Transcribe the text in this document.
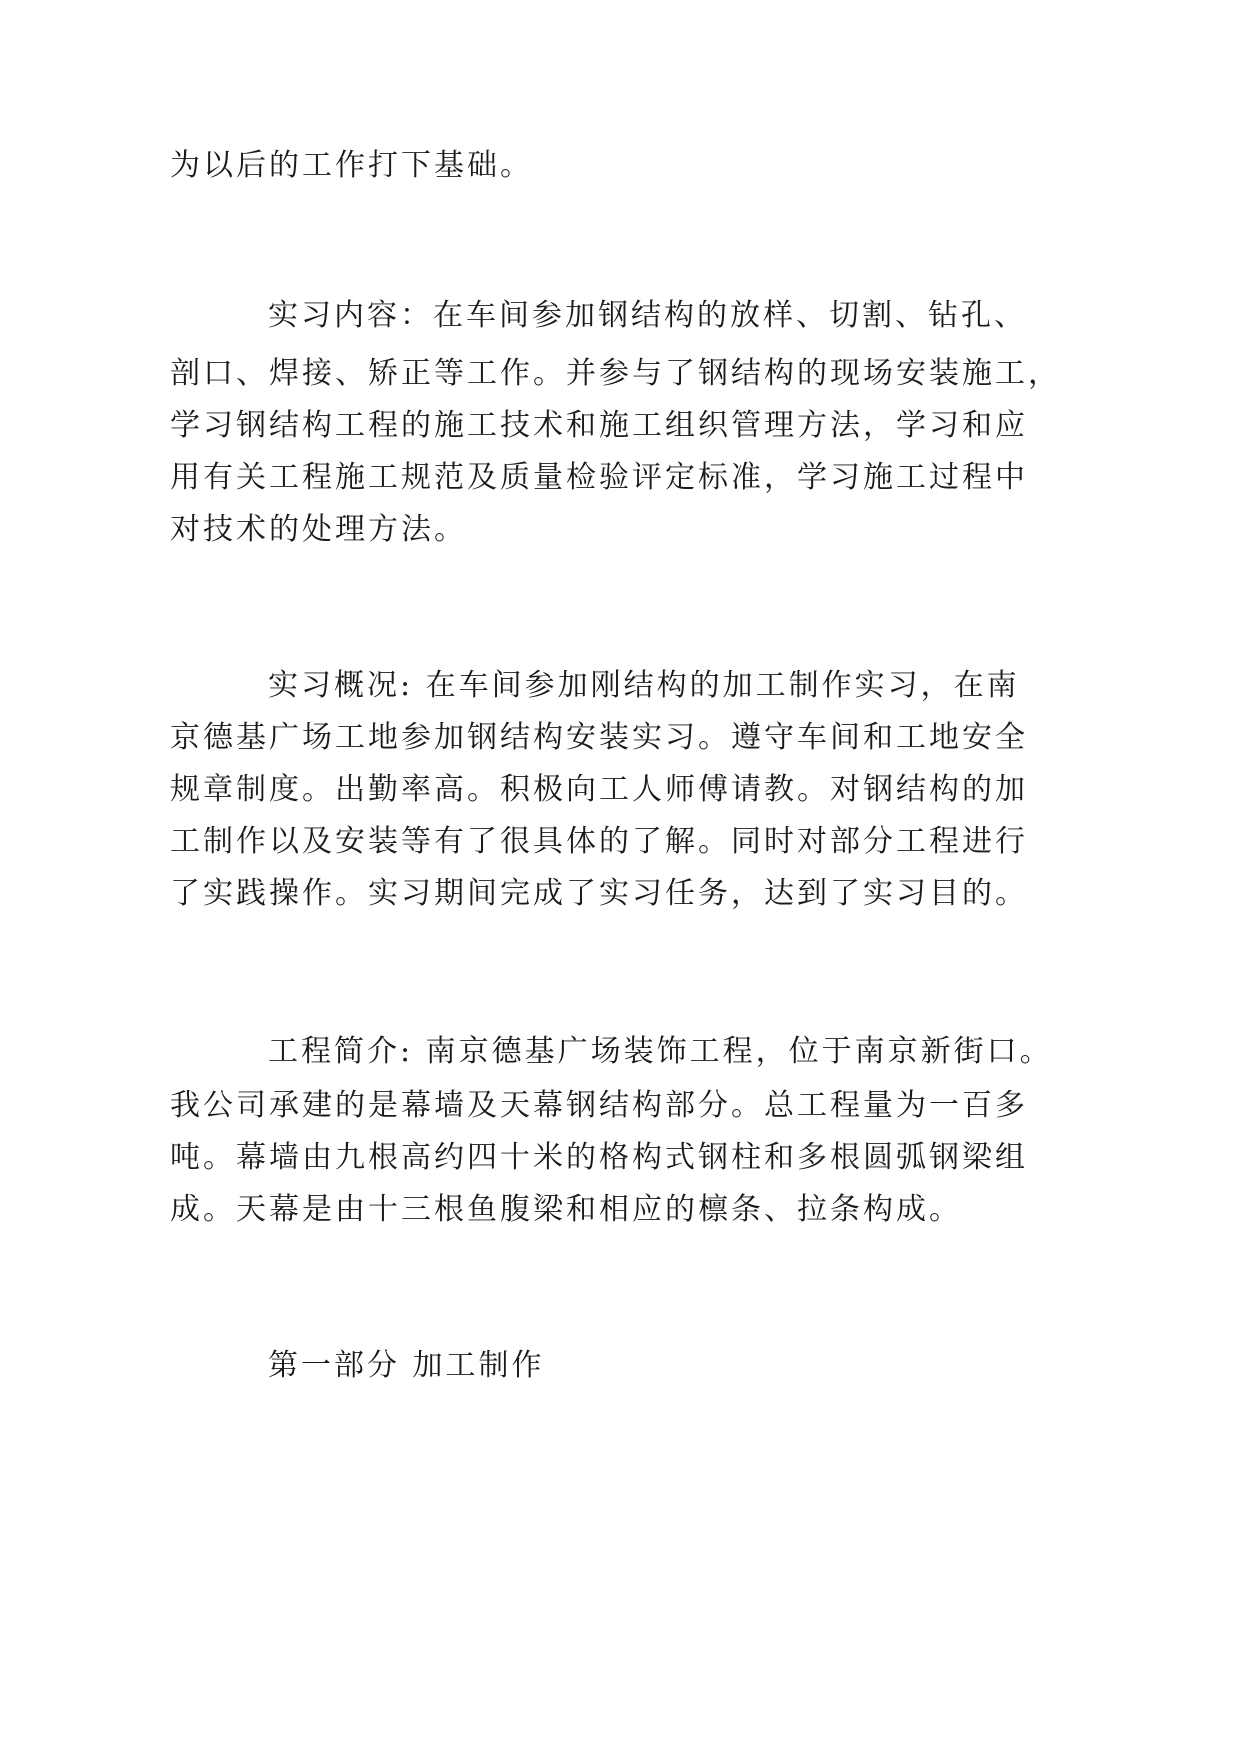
为以后的工作打下基础。
实习内容：在车间参加钢结构的放样、切割、钻孔、
剖口、焊接、矫正等工作。并参与了钢结构的现场安装施工，
学习钢结构工程的施工技术和施工组织管理方法，学习和应
用有关工程施工规范及质量检验评定标准，学习施工过程中
对技术的处理方法。
实习概况: 在车间参加刚结构的加工制作实习，在南
京德基广场工地参加钢结构安装实习。遵守车间和工地安全
规章制度。出勤率高。积极向工人师傅请教。对钢结构的加
工制作以及安装等有了很具体的了解。同时对部分工程进行
了实践操作。实习期间完成了实习任务，达到了实习目的。
工程简介: 南京德基广场装饰工程，位于南京新街口。
我公司承建的是幕墙及天幕钢结构部分。总工程量为一百多
吨。幕墙由九根高约四十米的格构式钢柱和多根圆弧钢梁组
成。天幕是由十三根鱼腹梁和相应的檩条、拉条构成。
第一部分 加工制作
